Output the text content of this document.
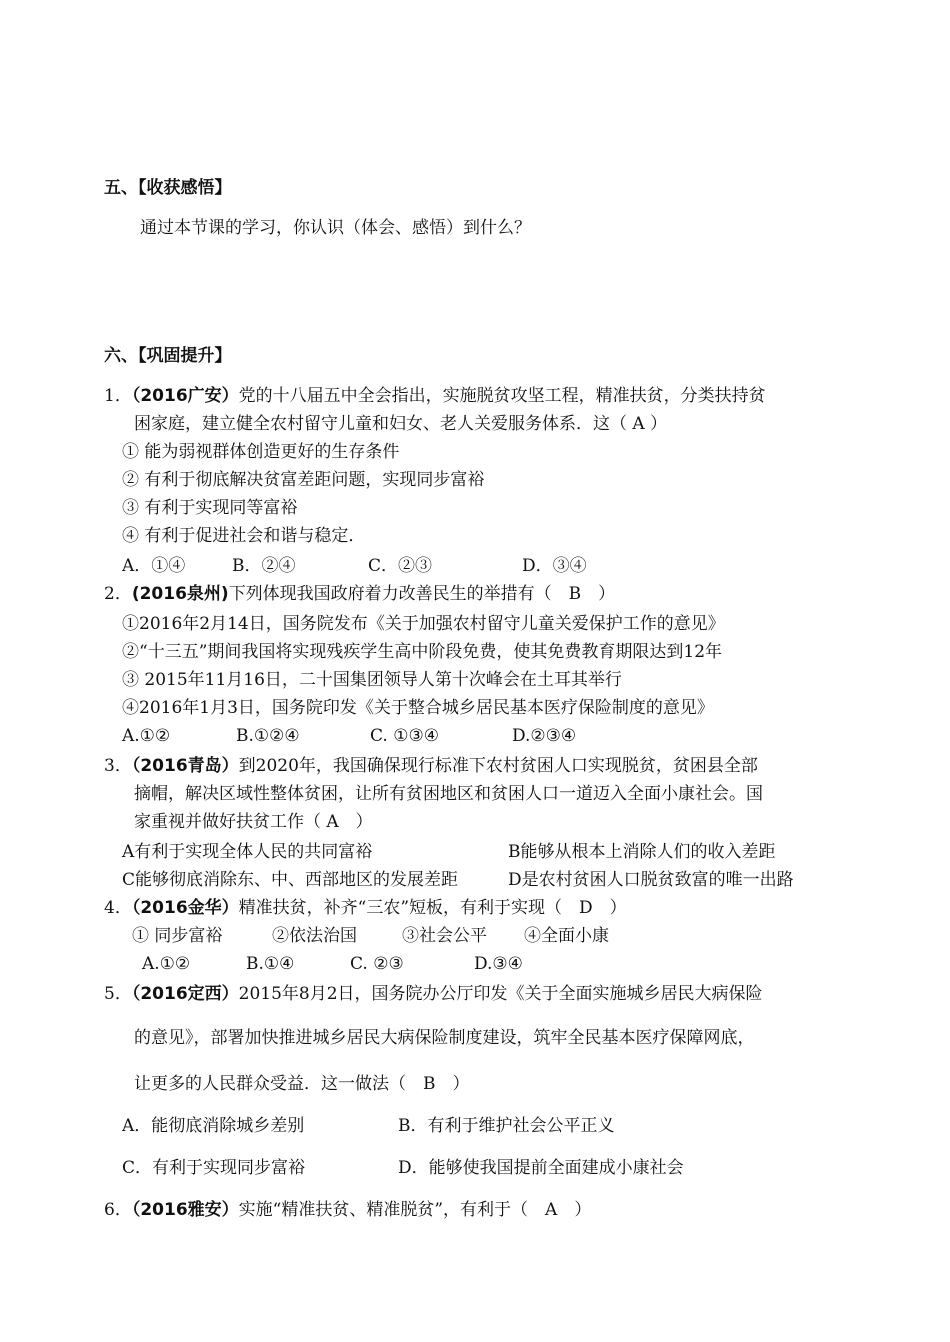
五、【收获感悟】
通过本节课的学习，你认识（体会、感悟）到什么？
六、【巩固提升】
1．（2016广安）党的十八届五中全会指出，实施脱贫攻坚工程，精准扶贫，分类扶持贫
困家庭，建立健全农村留守儿童和妇女、老人关爱服务体系．这（ A ）
① 能为弱视群体创造更好的生存条件
② 有利于彻底解决贫富差距问题，实现同步富裕
③ 有利于实现同等富裕
④ 有利于促进社会和谐与稳定．
A．①④	B．②④	C．②③	D．③④
2．(2016泉州)下列体现我国政府着力改善民生的举措有（　B　）
①2016年2月14日，国务院发布《关于加强农村留守儿童关爱保护工作的意见》
②“十三五”期间我国将实现残疾学生高中阶段免费，使其免费教育期限达到12年
③ 2015年11月16日，二十国集团领导人第十次峰会在土耳其举行
④2016年1月3日，国务院印发《关于整合城乡居民基本医疗保险制度的意见》
A.①②	B.①②④	C. ①③④	D.②③④
3．（2016青岛）到2020年，我国确保现行标准下农村贫困人口实现脱贫，贫困县全部
摘帽，解决区域性整体贫困，让所有贫困地区和贫困人口一道迈入全面小康社会。国
家重视并做好扶贫工作（ A　）
A有利于实现全体人民的共同富裕	B能够从根本上消除人们的收入差距
C能够彻底消除东、中、西部地区的发展差距	D是农村贫困人口脱贫致富的唯一出路
4．（2016金华）精准扶贫，补齐“三农”短板，有利于实现（　D　）
① 同步富裕	②依法治国	③社会公平 ④全面小康
A.①②	B.①④	C. ②③	D.③④
5．（2016定西）2015年8月2日，国务院办公厅印发《关于全面实施城乡居民大病保险
的意见》，部署加快推进城乡居民大病保险制度建设，筑牢全民基本医疗保障网底，
让更多的人民群众受益．这一做法（　B　）
A．能彻底消除城乡差别	B．有利于维护社会公平正义
C．有利于实现同步富裕	D．能够使我国提前全面建成小康社会
6．（2016雅安）实施“精准扶贫、精准脱贫”，有利于（　A　）
